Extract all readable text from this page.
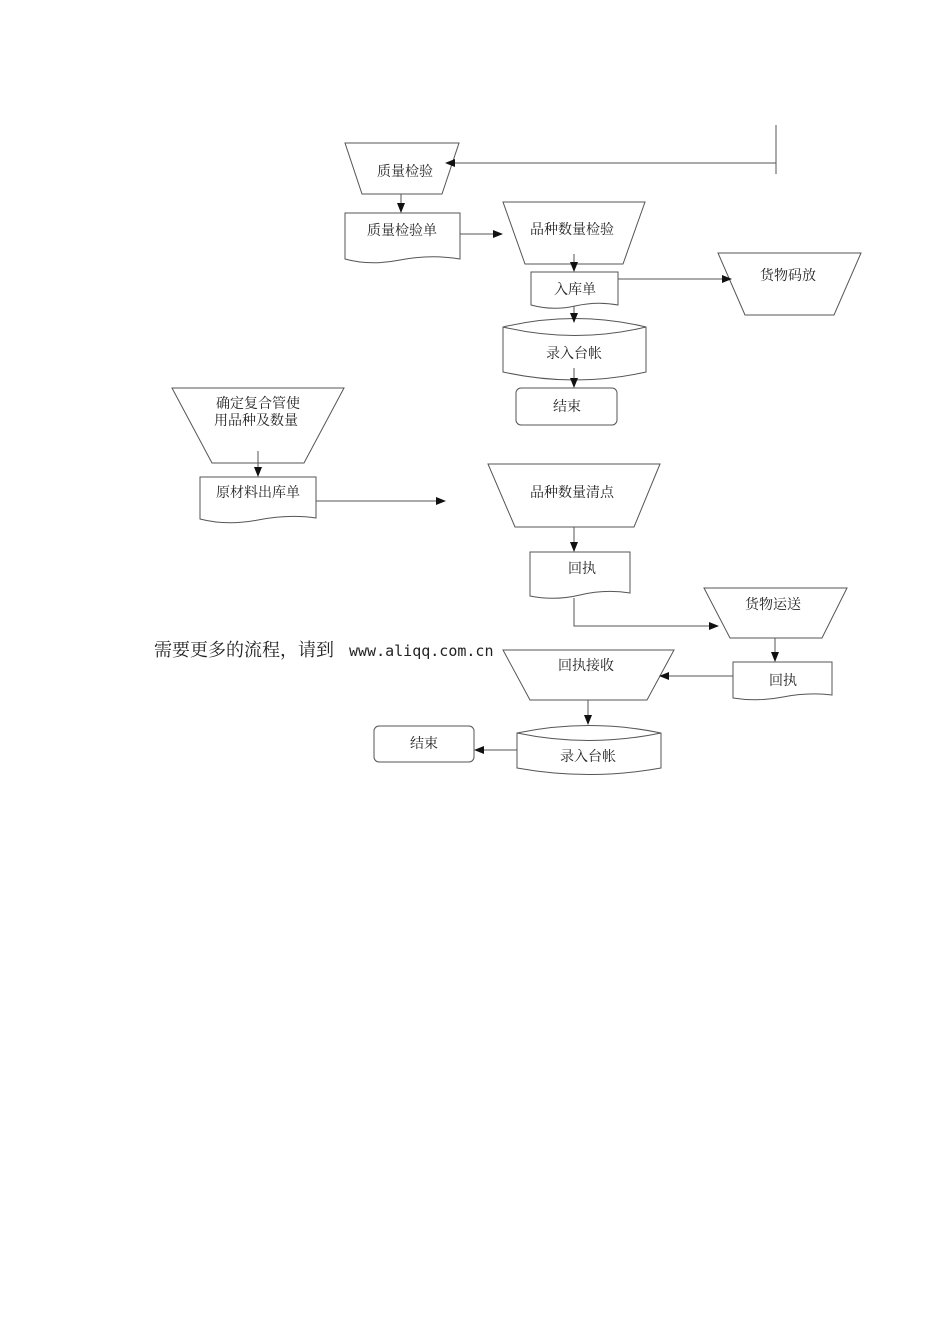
质量检验
质量检验单	品种数量检验
入库单
货物码放
录入台帐
结束
确定复合管使
用品种及数量
原材料出库单	品种数量清点
回执
货物运送
回执
回执接收
录入台帐
结束
需要更多的流程，请到 www.aliqq.com.cn
